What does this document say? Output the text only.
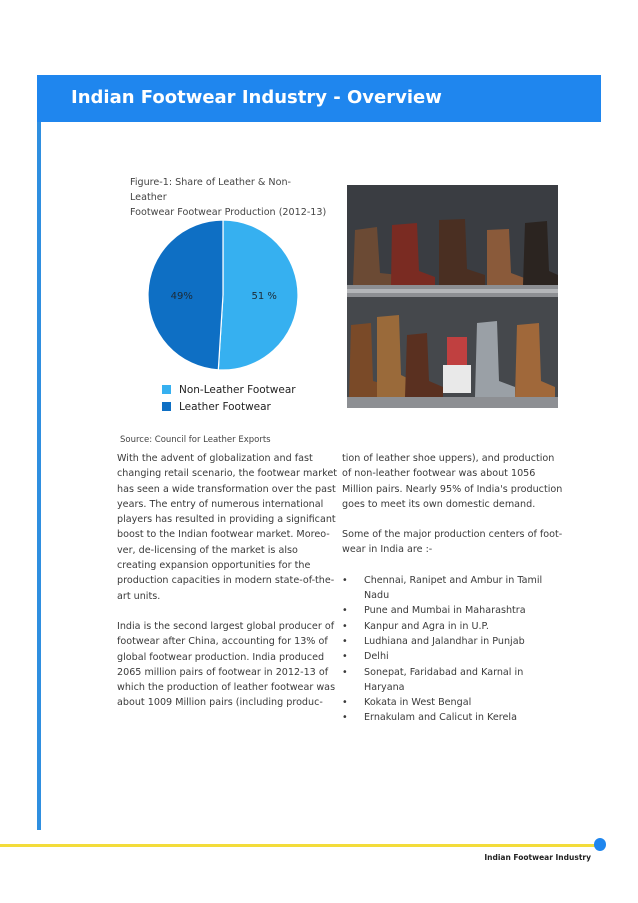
Indian Footwear Industry - Overview
Figure-1: Share of Leather & Non- Leather
Footwear Footwear Production (2012-13)
51 %
49%
Non-Leather Footwear
Leather Footwear
Source: Council for Leather Exports

With the advent of globalization and fast changing retail scenario, the footwear market has seen a wide transformation over the past years. The entry of numerous international players has resulted in providing a significant boost to the Indian footwear market. Moreo-ver, de-licensing of the market is also creating expansion opportunities for the production capacities in modern state-of-the-art units.

India is the second largest global producer of footwear after China, accounting for 13% of global footwear production. India produced 2065 million pairs of footwear in 2012-13 of which the production of leather footwear was about 1009 Million pairs (including produc-

tion of leather shoe uppers), and production of non-leather footwear was about 1056 Million pairs. Nearly 95% of India's production goes to meet its own domestic demand.

Some of the major production centers of foot-wear in India are :-

•	Chennai, Ranipet and Ambur in Tamil Nadu
•	Pune and Mumbai in Maharashtra
•	Kanpur and Agra in in U.P.
•	Ludhiana and Jalandhar in Punjab
•	Delhi
•	Sonepat, Faridabad and Karnal in Haryana
•	Kokata in West Bengal
•	Ernakulam and Calicut in Kerela
Indian Footwear Industry
